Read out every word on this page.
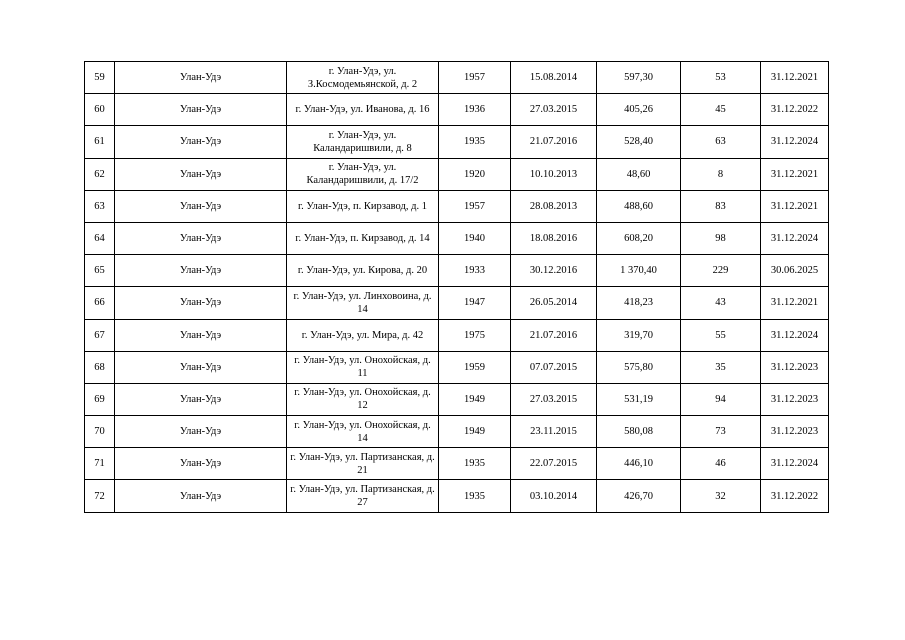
59	Улан-Удэ	г. Улан-Удэ, ул. З.Космодемьянской, д. 2	1957	15.08.2014	597,30	53	31.12.2021
60	Улан-Удэ	г. Улан-Удэ, ул. Иванова, д. 16	1936	27.03.2015	405,26	45	31.12.2022
61	Улан-Удэ	г. Улан-Удэ, ул. Каландаришвили, д. 8	1935	21.07.2016	528,40	63	31.12.2024
62	Улан-Удэ	г. Улан-Удэ, ул. Каландаришвили, д. 17/2	1920	10.10.2013	48,60	8	31.12.2021
63	Улан-Удэ	г. Улан-Удэ, п. Кирзавод, д. 1	1957	28.08.2013	488,60	83	31.12.2021
64	Улан-Удэ	г. Улан-Удэ, п. Кирзавод, д. 14	1940	18.08.2016	608,20	98	31.12.2024
65	Улан-Удэ	г. Улан-Удэ, ул. Кирова, д. 20	1933	30.12.2016	1 370,40	229	30.06.2025
66	Улан-Удэ	г. Улан-Удэ, ул. Линховоина, д. 14	1947	26.05.2014	418,23	43	31.12.2021
67	Улан-Удэ	г. Улан-Удэ, ул. Мира, д. 42	1975	21.07.2016	319,70	55	31.12.2024
68	Улан-Удэ	г. Улан-Удэ, ул. Онохойская, д. 11	1959	07.07.2015	575,80	35	31.12.2023
69	Улан-Удэ	г. Улан-Удэ, ул. Онохойская, д. 12	1949	27.03.2015	531,19	94	31.12.2023
70	Улан-Удэ	г. Улан-Удэ, ул. Онохойская, д. 14	1949	23.11.2015	580,08	73	31.12.2023
71	Улан-Удэ	г. Улан-Удэ, ул. Партизанская, д. 21	1935	22.07.2015	446,10	46	31.12.2024
72	Улан-Удэ	г. Улан-Удэ, ул. Партизанская, д. 27	1935	03.10.2014	426,70	32	31.12.2022
